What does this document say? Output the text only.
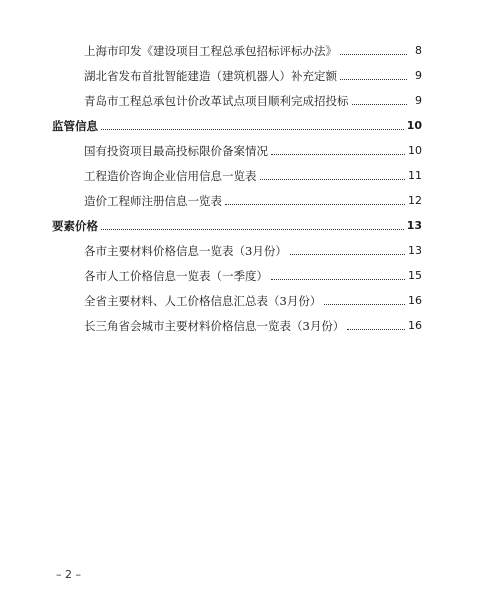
上海市印发《建设项目工程总承包招标评标办法》	8
湖北省发布首批智能建造（建筑机器人）补充定额	9
青岛市工程总承包计价改革试点项目顺利完成招投标	9
监管信息	10
国有投资项目最高投标限价备案情况	10
工程造价咨询企业信用信息一览表	11
造价工程师注册信息一览表	12
要素价格	13
各市主要材料价格信息一览表（3月份）	13
各市人工价格信息一览表（一季度）	15
全省主要材料、人工价格信息汇总表（3月份）	16
长三角省会城市主要材料价格信息一览表（3月份）	16
– 2 –
